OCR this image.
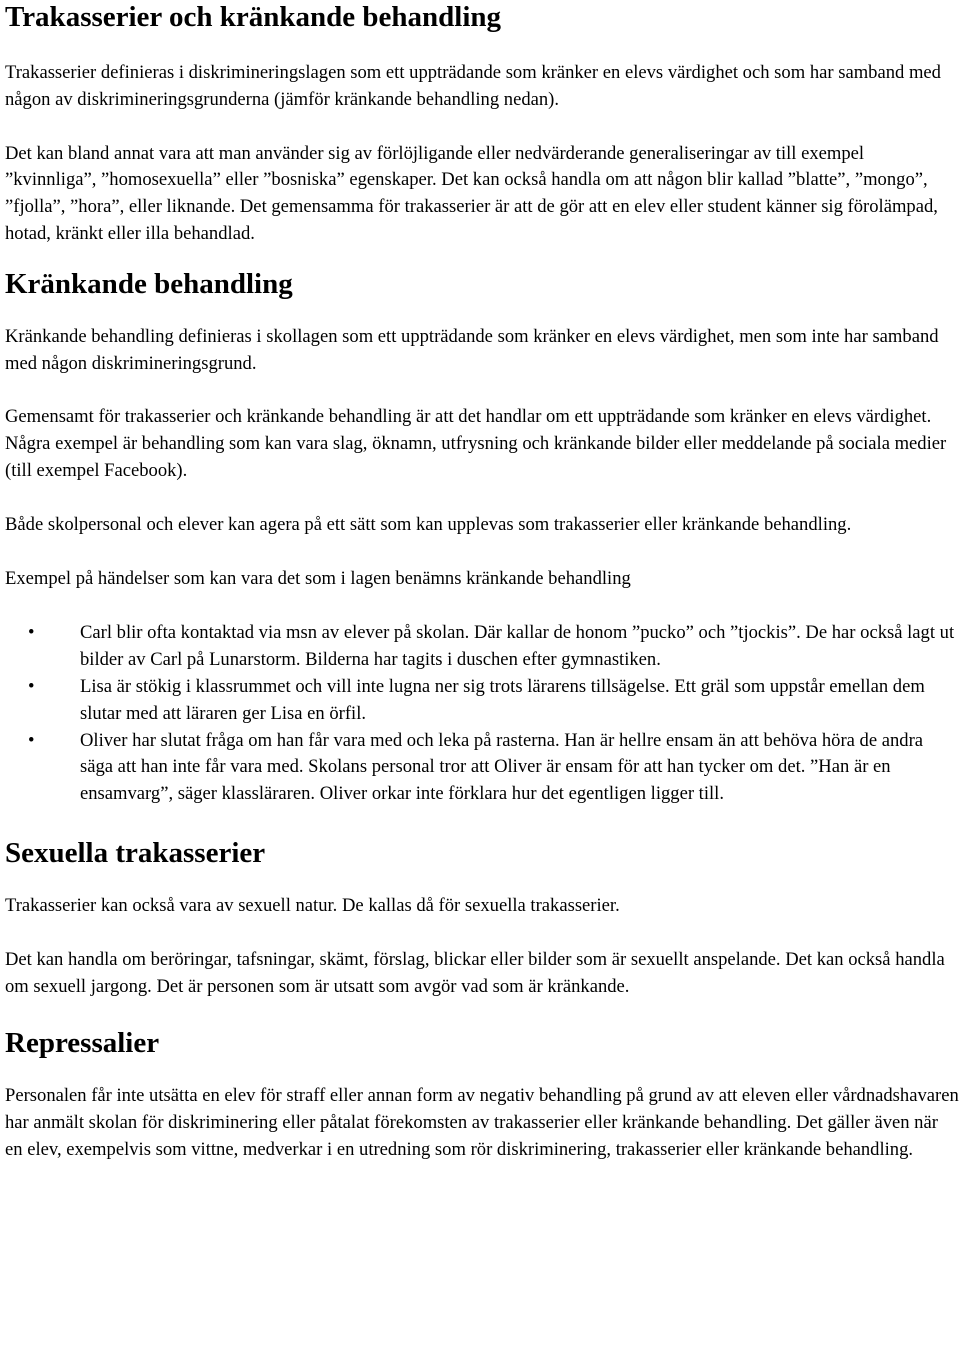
Trakasserier och kränkande behandling

Trakasserier definieras i diskrimineringslagen som ett uppträdande som kränker en elevs värdighet och som har samband med någon av diskrimineringsgrunderna (jämför kränkande behandling nedan).

Det kan bland annat vara att man använder sig av förlöjligande eller nedvärderande generaliseringar av till exempel ”kvinnliga”, ”homosexuella” eller ”bosniska” egenskaper. Det kan också handla om att någon blir kallad ”blatte”, ”mongo”, ”fjolla”, ”hora”, eller liknande. Det gemensamma för trakasserier är att de gör att en elev eller student känner sig förolämpad, hotad, kränkt eller illa behandlad.

Kränkande behandling

Kränkande behandling definieras i skollagen som ett uppträdande som kränker en elevs värdighet, men som inte har samband med någon diskrimineringsgrund.

Gemensamt för trakasserier och kränkande behandling är att det handlar om ett uppträdande som kränker en elevs värdighet. Några exempel är behandling som kan vara slag, öknamn, utfrysning och kränkande bilder eller meddelande på sociala medier (till exempel Facebook).

Både skolpersonal och elever kan agera på ett sätt som kan upplevas som trakasserier eller kränkande behandling.

Exempel på händelser som kan vara det som i lagen benämns kränkande behandling

•	Carl blir ofta kontaktad via msn av elever på skolan. Där kallar de honom ”pucko” och ”tjockis”. De har också lagt ut bilder av Carl på Lunarstorm. Bilderna har tagits i duschen efter gymnastiken.
•	Lisa är stökig i klassrummet och vill inte lugna ner sig trots lärarens tillsägelse. Ett gräl som uppstår emellan dem slutar med att läraren ger Lisa en örfil.
•	Oliver har slutat fråga om han får vara med och leka på rasterna. Han är hellre ensam än att behöva höra de andra säga att han inte får vara med. Skolans personal tror att Oliver är ensam för att han tycker om det. ”Han är en ensamvarg”, säger klassläraren. Oliver orkar inte förklara hur det egentligen ligger till.
Sexuella trakasserier

Trakasserier kan också vara av sexuell natur. De kallas då för sexuella trakasserier.

Det kan handla om beröringar, tafsningar, skämt, förslag, blickar eller bilder som är sexuellt anspelande. Det kan också handla om sexuell jargong. Det är personen som är utsatt som avgör vad som är kränkande.

Repressalier

Personalen får inte utsätta en elev för straff eller annan form av negativ behandling på grund av att eleven eller vårdnadshavaren har anmält skolan för diskriminering eller påtalat förekomsten av trakasserier eller kränkande behandling. Det gäller även när en elev, exempelvis som vittne, medverkar i en utredning som rör diskriminering, trakasserier eller kränkande behandling.
